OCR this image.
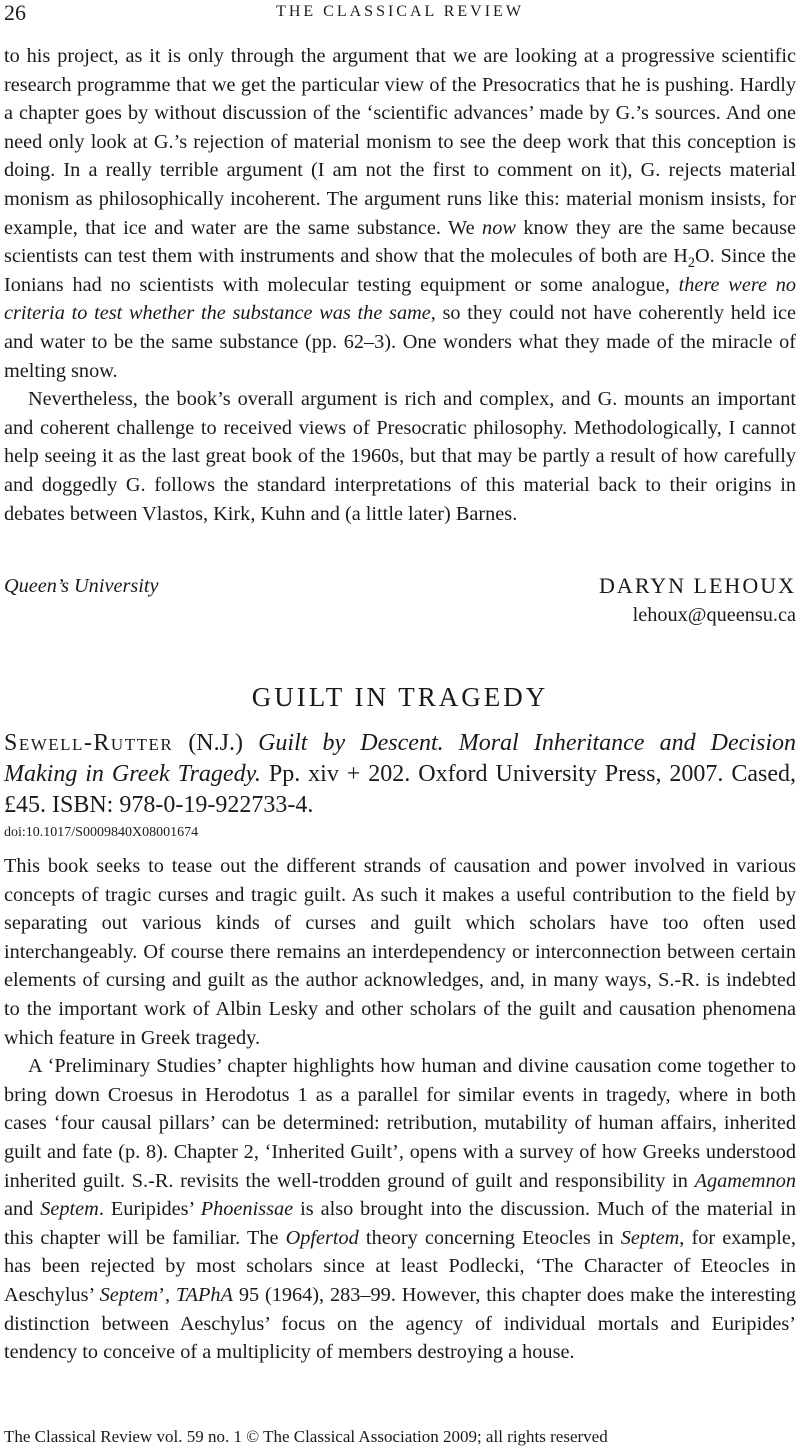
26	THE CLASSICAL REVIEW

to his project, as it is only through the argument that we are looking at a progressive scientific research programme that we get the particular view of the Presocratics that he is pushing. Hardly a chapter goes by without discussion of the ‘scientific advances’ made by G.’s sources. And one need only look at G.’s rejection of material monism to see the deep work that this conception is doing. In a really terrible argument (I am not the first to comment on it), G. rejects material monism as philosophically incoherent. The argument runs like this: material monism insists, for example, that ice and water are the same substance. We now know they are the same because scientists can test them with instruments and show that the molecules of both are $H_2O$. Since the Ionians had no scientists with molecular testing equipment or some analogue, there were no criteria to test whether the substance was the same, so they could not have coherently held ice and water to be the same substance (pp. 62–3). One wonders what they made of the miracle of melting snow.

Nevertheless, the book’s overall argument is rich and complex, and G. mounts an important and coherent challenge to received views of Presocratic philosophy. Methodologically, I cannot help seeing it as the last great book of the 1960s, but that may be partly a result of how carefully and doggedly G. follows the standard interpretations of this material back to their origins in debates between Vlastos, Kirk, Kuhn and (a little later) Barnes.

Queen’s University	DARYN LEHOUX
lehoux@queensu.ca
GUILT IN TRAGEDY
Sewell-Rutter (N.J.) Guilt by Descent. Moral Inheritance and Decision Making in Greek Tragedy. Pp. xiv + 202. Oxford University Press, 2007. Cased, £45. ISBN: 978-0-19-922733-4.
doi:10.1017/S0009840X08001674

This book seeks to tease out the different strands of causation and power involved in various concepts of tragic curses and tragic guilt. As such it makes a useful contribution to the field by separating out various kinds of curses and guilt which scholars have too often used interchangeably. Of course there remains an interdependency or interconnection between certain elements of cursing and guilt as the author acknowledges, and, in many ways, S.-R. is indebted to the important work of Albin Lesky and other scholars of the guilt and causation phenomena which feature in Greek tragedy.

A ‘Preliminary Studies’ chapter highlights how human and divine causation come together to bring down Croesus in Herodotus 1 as a parallel for similar events in tragedy, where in both cases ‘four causal pillars’ can be determined: retribution, mutability of human affairs, inherited guilt and fate (p. 8). Chapter 2, ‘Inherited Guilt’, opens with a survey of how Greeks understood inherited guilt. S.-R. revisits the well-trodden ground of guilt and responsibility in Agamemnon and Septem. Euripides’ Phoenissae is also brought into the discussion. Much of the material in this chapter will be familiar. The Opfertod theory concerning Eteocles in Septem, for example, has been rejected by most scholars since at least Podlecki, ‘The Character of Eteocles in Aeschylus’ Septem’, TAPhA 95 (1964), 283–99. However, this chapter does make the interesting distinction between Aeschylus’ focus on the agency of individual mortals and Euripides’ tendency to conceive of a multiplicity of members destroying a house.

The Classical Review vol. 59 no. 1 © The Classical Association 2009; all rights reserved
